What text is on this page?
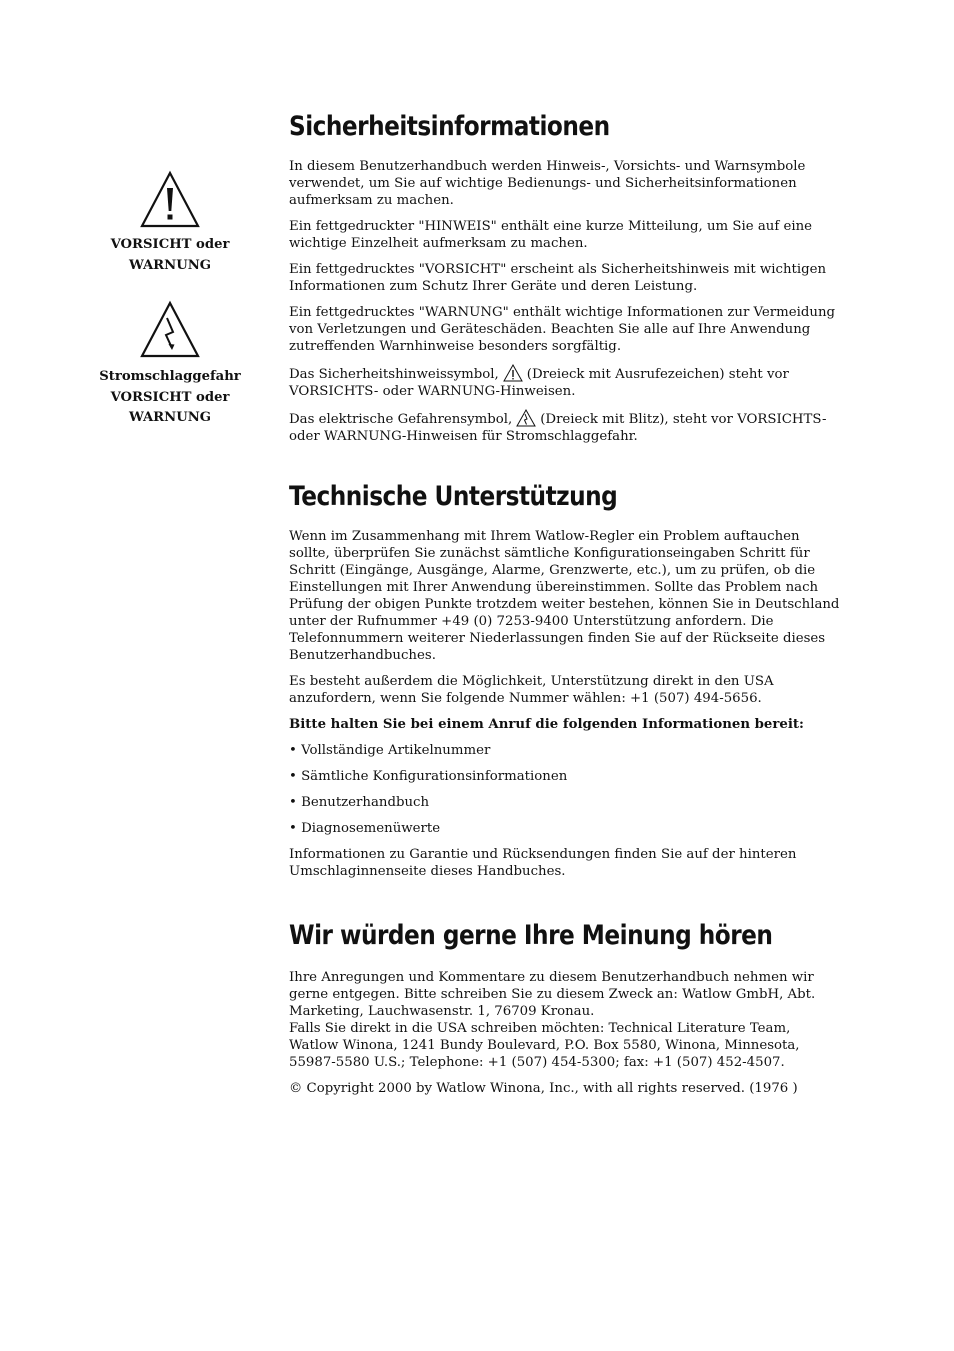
VORSICHT oder
WARNUNG
Stromschlaggefahr
VORSICHT oder
WARNUNG
Sicherheitsinformationen

In diesem Benutzerhandbuch werden Hinweis-, Vorsichts- und Warnsymbole verwendet, um Sie auf wichtige Bedienungs- und Sicherheitsinformationen aufmerksam zu machen.

Ein fettgedruckter "HINWEIS" enthält eine kurze Mitteilung, um Sie auf eine wichtige Einzelheit aufmerksam zu machen.

Ein fettgedrucktes "VORSICHT" erscheint als Sicherheitshinweis mit wichtigen Informationen zum Schutz Ihrer Geräte und deren Leistung.

Ein fettgedrucktes "WARNUNG" enthält wichtige Informationen zur Vermeidung von Verletzungen und Geräteschäden. Beachten Sie alle auf Ihre Anwendung zutreffenden Warnhinweise besonders sorgfältig.

Das Sicherheitshinweissymbol, (Dreieck mit Ausrufezeichen) steht vor VORSICHTS- oder WARNUNG-Hinweisen.

Das elektrische Gefahrensymbol, (Dreieck mit Blitz), steht vor VORSICHTS- oder WARNUNG-Hinweisen für Stromschlaggefahr.

Technische Unterstützung

Wenn im Zusammenhang mit Ihrem Watlow-Regler ein Problem auftauchen sollte, überprüfen Sie zunächst sämtliche Konfigurationseingaben Schritt für Schritt (Eingänge, Ausgänge, Alarme, Grenzwerte, etc.), um zu prüfen, ob die Einstellungen mit Ihrer Anwendung übereinstimmen. Sollte das Problem nach Prüfung der obigen Punkte trotzdem weiter bestehen, können Sie in Deutschland unter der Rufnummer +49 (0) 7253-9400 Unterstützung anfordern. Die Telefonnummern weiterer Niederlassungen finden Sie auf der Rückseite dieses Benutzerhandbuches.

Es besteht außerdem die Möglichkeit, Unterstützung direkt in den USA anzufordern, wenn Sie folgende Nummer wählen: +1 (507) 494-5656.

Bitte halten Sie bei einem Anruf die folgenden Informationen bereit:

• Vollständige Artikelnummer
• Sämtliche Konfigurationsinformationen
• Benutzerhandbuch
• Diagnosemenüwerte

Informationen zu Garantie und Rücksendungen finden Sie auf der hinteren Umschlaginnenseite dieses Handbuches.

Wir würden gerne Ihre Meinung hören

Ihre Anregungen und Kommentare zu diesem Benutzerhandbuch nehmen wir gerne entgegen. Bitte schreiben Sie zu diesem Zweck an: Watlow GmbH, Abt. Marketing, Lauchwasenstr. 1, 76709 Kronau.
Falls Sie direkt in die USA schreiben möchten: Technical Literature Team, Watlow Winona, 1241 Bundy Boulevard, P.O. Box 5580, Winona, Minnesota, 55987-5580 U.S.; Telephone: +1 (507) 454-5300; fax: +1 (507) 452-4507.

© Copyright 2000 by Watlow Winona, Inc., with all rights reserved. (1976 )
